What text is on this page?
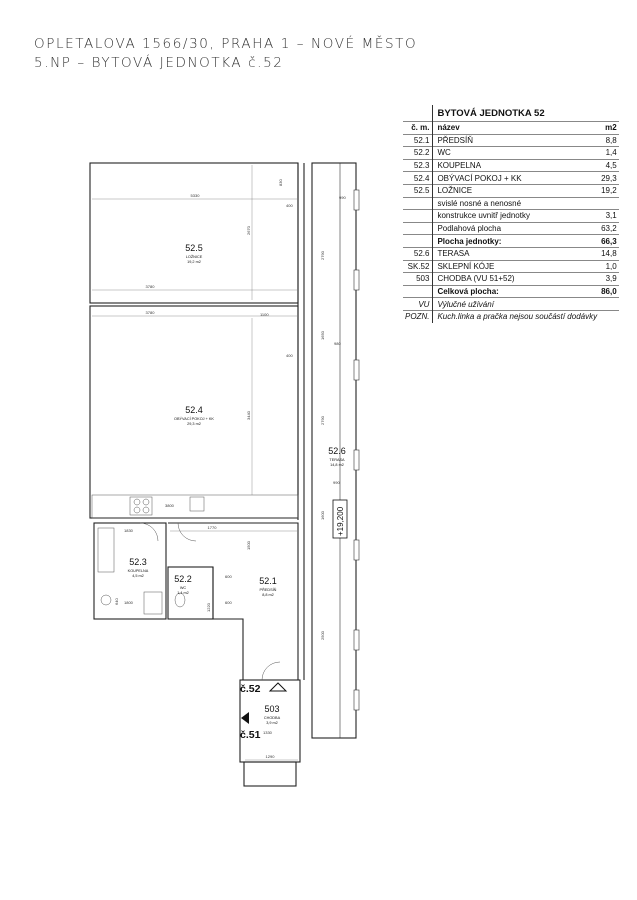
OPLETALOVA 1566/30, PRAHA 1 – NOVÉ MĚSTO
5.NP – BYTOVÁ JEDNOTKA č.52
	BYTOVÁ JEDNOTKA 52	
č. m.	název	m2
52.1	PŘEDSÍŇ	8,8
52.2	WC	1,4
52.3	KOUPELNA	4,5
52.4	OBÝVACÍ POKOJ + KK	29,3
52.5	LOŽNICE	19,2
	svislé nosné a nenosné	
	konstrukce uvnitř jednotky	3,1
	Podlahová plocha	63,2
	Plocha jednotky:	66,3
52.6	TERASA	14,8
SK.52	SKLEPNÍ KÓJE	1,0
503	CHODBA (VU 51+52)	3,9
	Celková plocha:	86,0
VU	Výlučné užívání	
POZN.	Kuch.linka a pračka nejsou součástí dodávky	
52.5
LOŽNICE
19,2 m2
52.4
OBÝVACÍ POKOJ + KK
29,3 m2
52.3
KOUPELNA
4,5 m2	52.2
WC
1,4 m2
52.1
PŘEDSÍŇ
8,8 m2
52.6
TERASA
14,8 m2
503
CHODBA
3,9 m2
č.52
č.51
+19,200
5330
3780
3780
2670
3440
2790
2790
2500
1600
1650
1500
1770
1290
830
990
990
600
600
400
400
980
1830
1800
3800
1330
1100
1220
640
